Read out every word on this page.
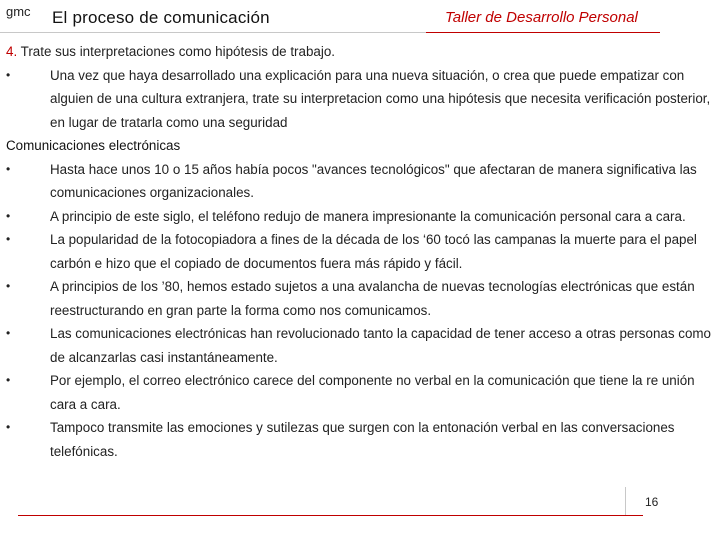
gmc El proceso de comunicación	Taller de Desarrollo Personal

4. Trate sus interpretaciones como hipótesis de trabajo.

•	Una vez que haya desarrollado una explicación para una nueva situación, o crea que puede empatizar con alguien de una cultura extranjera, trate su interpretacion como una hipótesis que necesita verificación posterior, en lugar de tratarla como una seguridad

Comunicaciones electrónicas

•	Hasta hace unos 10 o 15 años había pocos "avances tecnológicos" que afectaran de manera significativa las comunicaciones organizacionales.

•	A principio de este siglo, el teléfono redujo de manera impresionante la comunicación personal cara a cara.

•	La popularidad de la fotocopiadora a fines de la década de los ‘60 tocó las campanas la muerte para el papel carbón e hizo que el copiado de documentos fuera más rápido y fácil.

•	A principios de los ’80, hemos estado sujetos a una avalancha de nuevas tecnologías electrónicas que están reestructurando en gran parte la forma como nos comunicamos.

•	Las comunicaciones electrónicas han revolucionado tanto la capacidad de tener acceso a otras personas como de alcanzarlas casi instantáneamente.

•	Por ejemplo, el correo electrónico carece del componente no verbal en la comunicación que tiene la re unión cara a cara.

•	Tampoco transmite las emociones y sutilezas que surgen con la entonación verbal en las conversaciones telefónicas.

16
